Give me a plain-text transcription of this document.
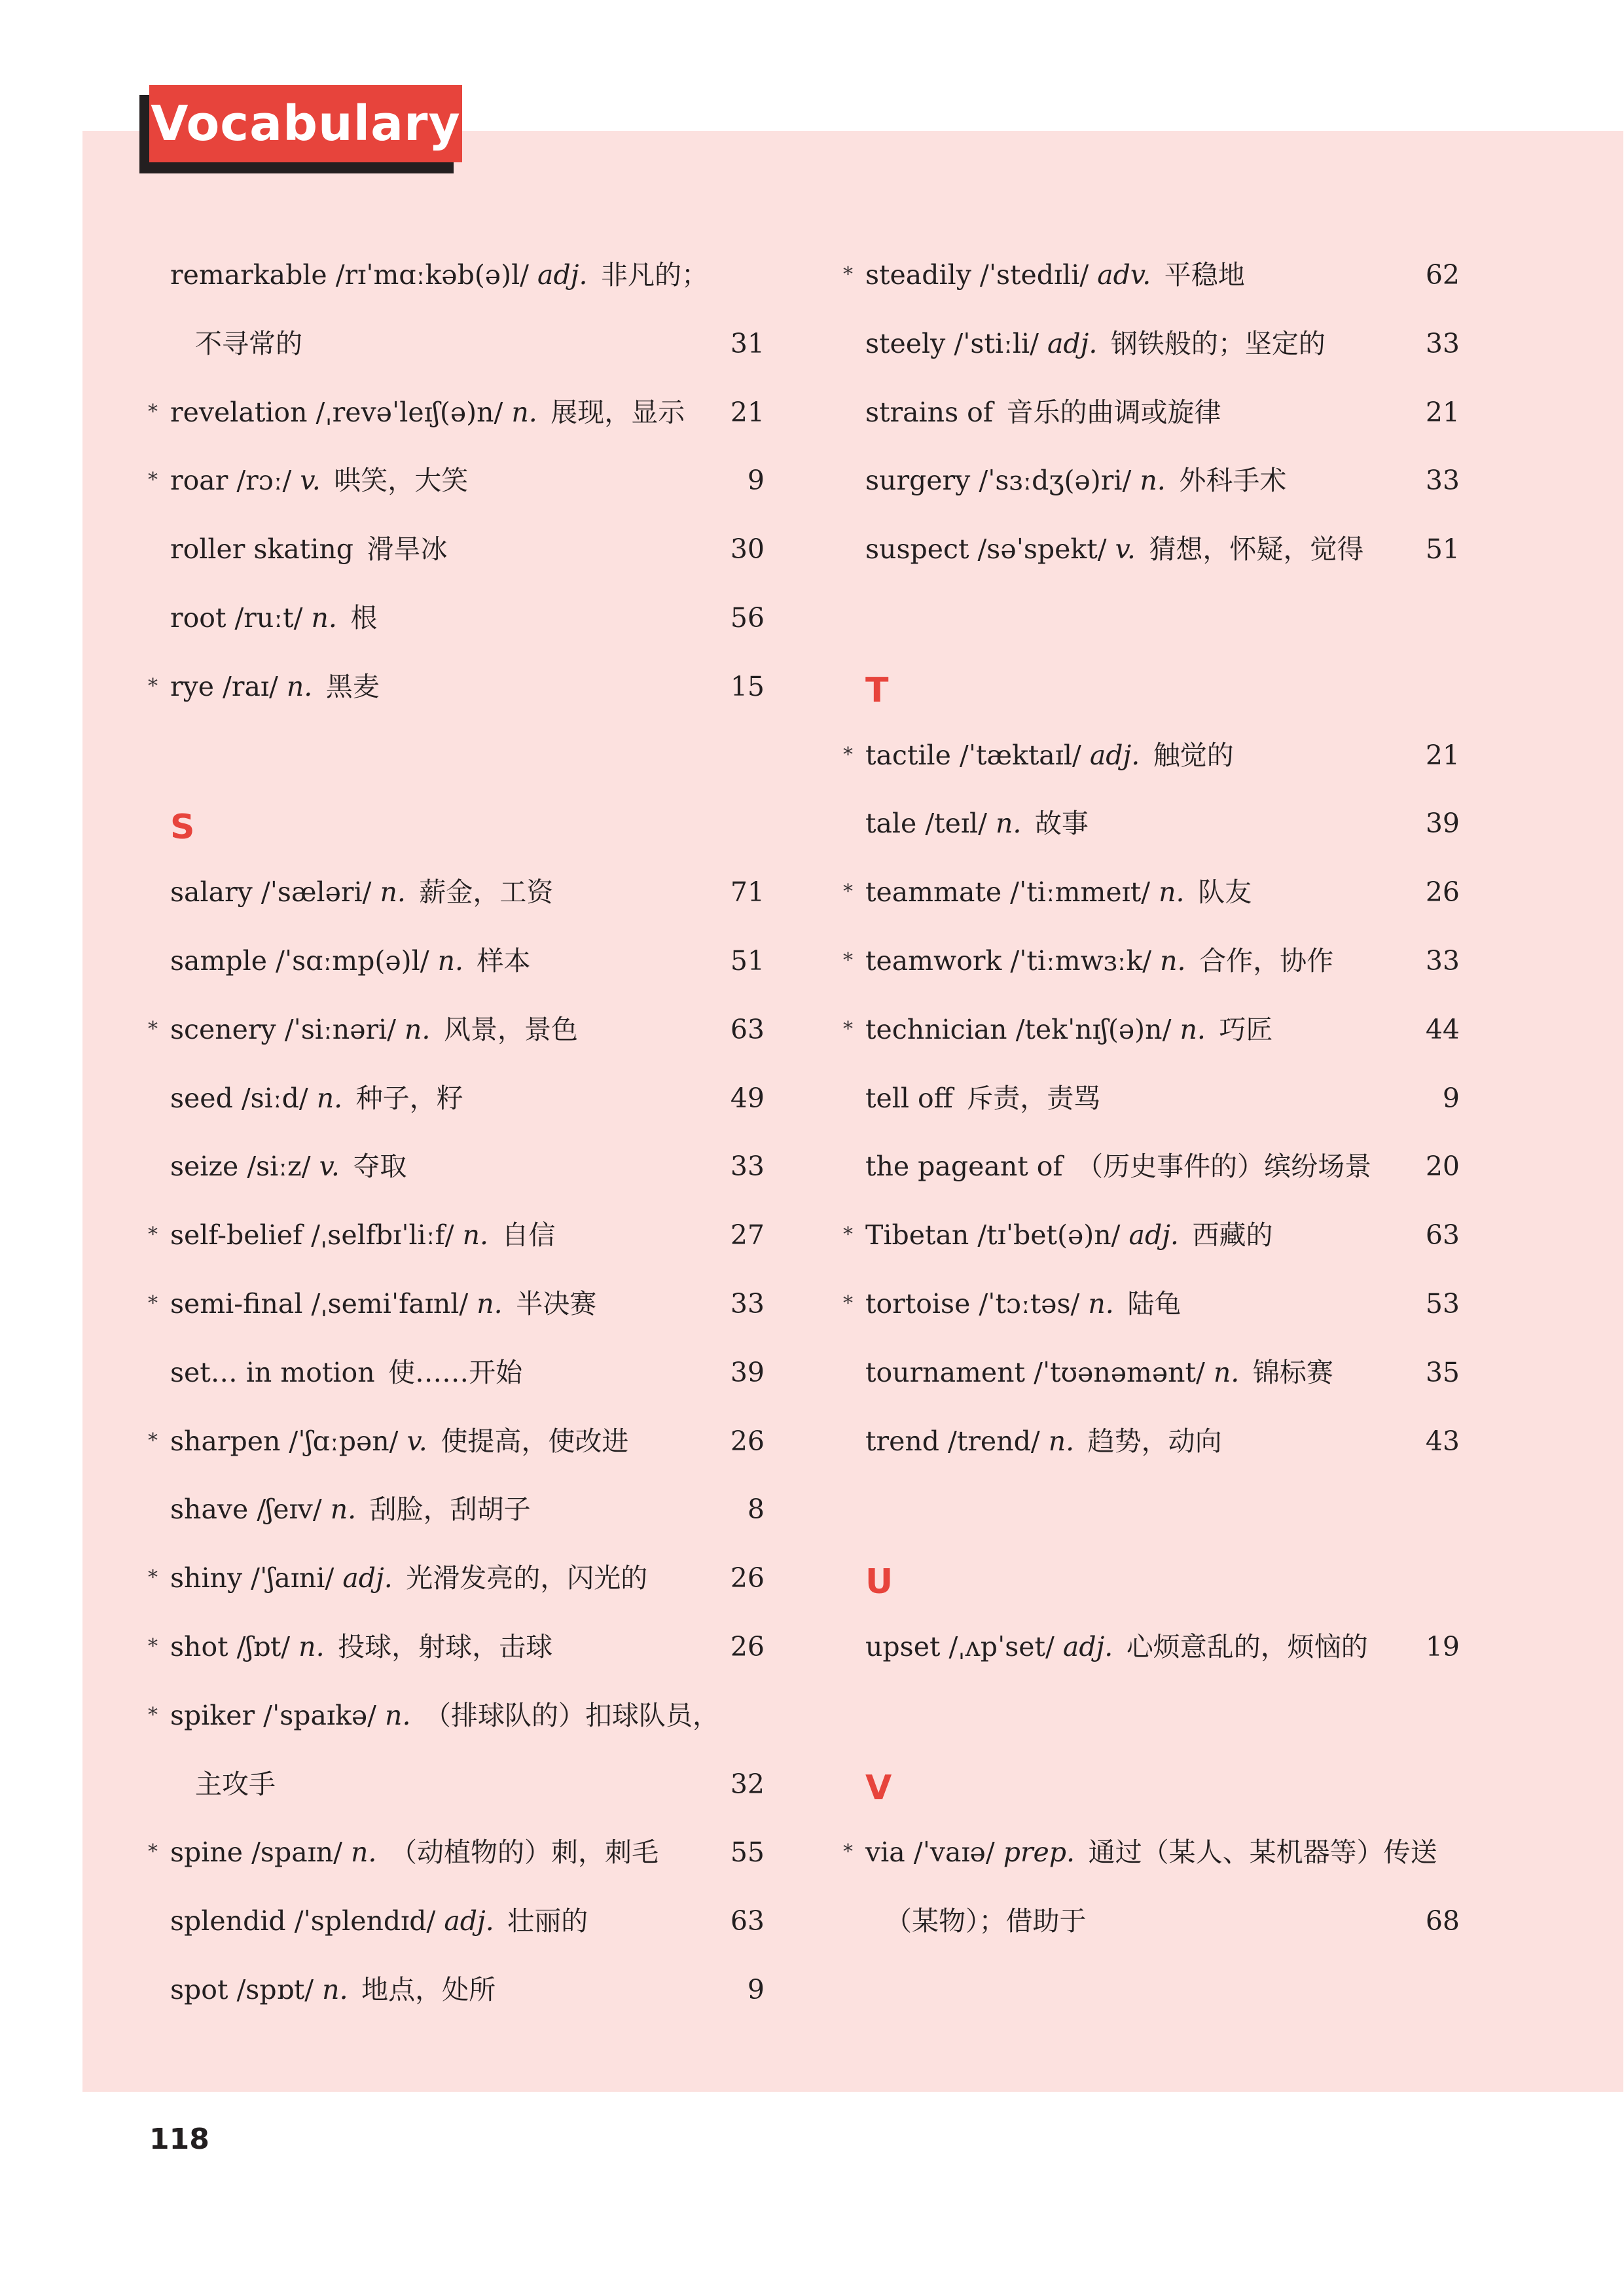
Vocabulary
remarkable /rɪˈmɑːkəb(ə)l/ adj.  非凡的；
不寻常的	31
* revelation /ˌrevəˈleɪʃ(ə)n/ n.  展现，显示	21
* roar /rɔː/ v.  哄笑，大笑	9
roller skating  滑旱冰	30
root /ruːt/ n.  根	56
* rye /raɪ/ n.  黑麦	15
S
salary /ˈsæləri/ n.  薪金，工资	71
sample /ˈsɑːmp(ə)l/ n.  样本	51
* scenery /ˈsiːnəri/ n.  风景，景色	63
seed /siːd/ n.  种子，籽	49
seize /siːz/ v.  夺取	33
* self-belief /ˌselfbɪˈliːf/ n.  自信	27
* semi-final /ˌsemiˈfaɪnl/ n.  半决赛	33
set… in motion  使……开始	39
* sharpen /ˈʃɑːpən/ v.  使提高，使改进	26
shave /ʃeɪv/ n.  刮脸，刮胡子	8
* shiny /ˈʃaɪni/ adj.  光滑发亮的，闪光的	26
* shot /ʃɒt/ n.  投球，射球，击球	26
* spiker /ˈspaɪkə/ n.  （排球队的）扣球队员，
主攻手	32
* spine /spaɪn/ n.  （动植物的）刺，刺毛	55
splendid /ˈsplendɪd/ adj.  壮丽的	63
spot /spɒt/ n.  地点，处所	9
* steadily /ˈstedɪli/ adv.  平稳地	62
steely /ˈstiːli/ adj.  钢铁般的；坚定的	33
strains of  音乐的曲调或旋律	21
surgery /ˈsɜːdʒ(ə)ri/ n.  外科手术	33
suspect /səˈspekt/ v.  猜想，怀疑，觉得	51
T
* tactile /ˈtæktaɪl/ adj.  触觉的	21
tale /teɪl/ n.  故事	39
* teammate /ˈtiːmmeɪt/ n.  队友	26
* teamwork /ˈtiːmwɜːk/ n.  合作，协作	33
* technician /tekˈnɪʃ(ə)n/ n.  巧匠	44
tell off  斥责，责骂	9
the pageant of  （历史事件的）缤纷场景	20
* Tibetan /tɪˈbet(ə)n/ adj.  西藏的	63
* tortoise /ˈtɔːtəs/ n.  陆龟	53
tournament /ˈtʊənəmənt/ n.  锦标赛	35
trend /trend/ n.  趋势，动向	43
U
upset /ˌʌpˈset/ adj.  心烦意乱的，烦恼的	19
V
* via /ˈvaɪə/ prep.  通过（某人、某机器等）传送
（某物）；借助于	68
118
